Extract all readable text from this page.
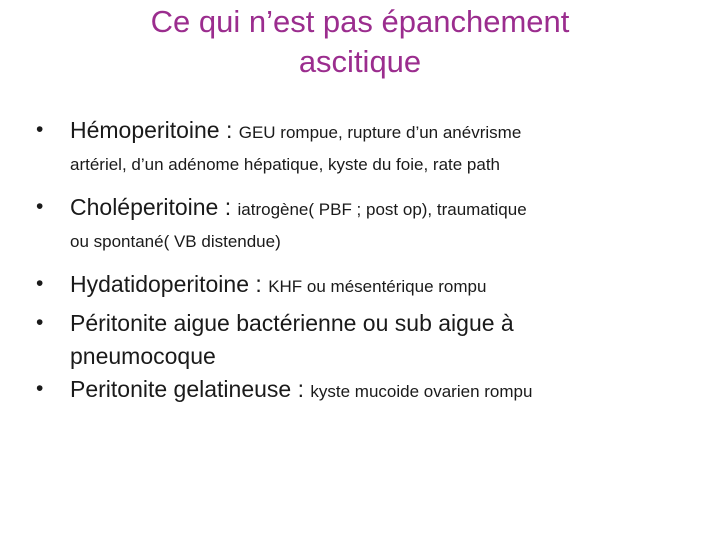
Ce qui n’est pas épanchement
ascitique
• Hémoperitoine : GEU rompue, rupture d’un anévrisme
artériel, d’un adénome hépatique, kyste du foie, rate path
• Choléperitoine : iatrogène( PBF ; post op), traumatique
ou spontané( VB distendue)
• Hydatidoperitoine : KHF ou mésentérique rompu
• Péritonite aigue bactérienne ou sub aigue à
pneumocoque
• Peritonite gelatineuse : kyste mucoide ovarien rompu
